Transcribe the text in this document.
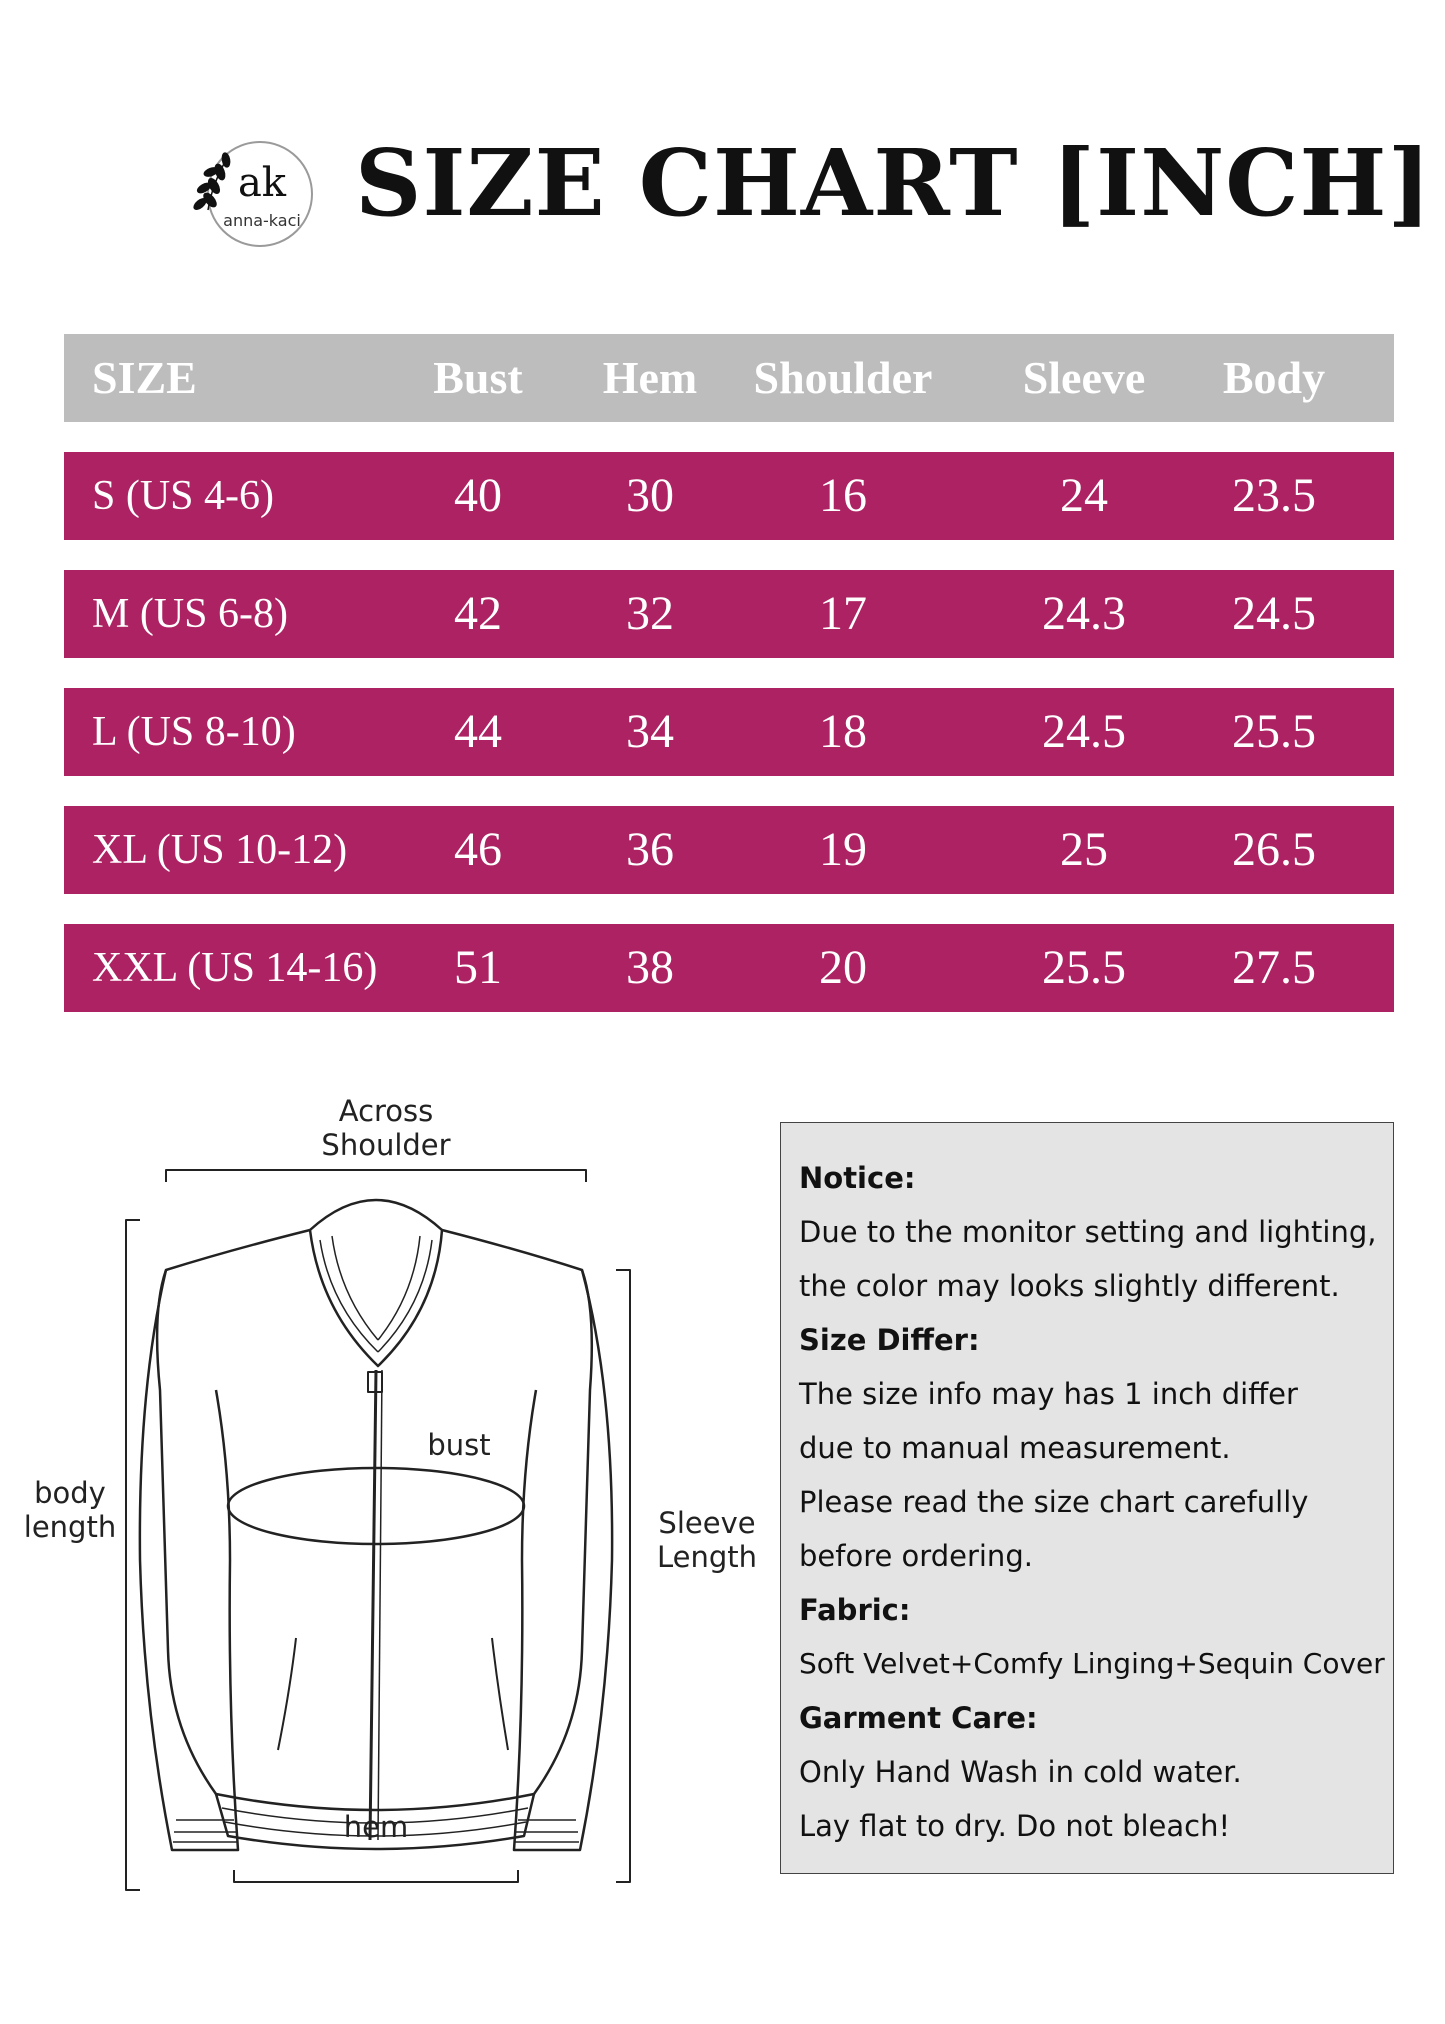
ak
anna-kaci SIZE CHART [INCH]
SIZE	Bust	Hem	Shoulder	Sleeve	Body
S (US 4-6)	40	30	16	24	23.5
M (US 6-8)	42	32	17	24.3	24.5
L (US 8-10)	44	34	18	24.5	25.5
XL (US 10-12)	46	36	19	25	26.5
XXL (US 14-16)	51	38	20	25.5	27.5
Across
Shoulder
bust
body
length	Sleeve
Length
hem
Notice:
Due to the monitor setting and lighting,
the color may looks slightly different.
Size Differ:
The size info may has 1 inch differ
due to manual measurement.
Please read the size chart carefully
before ordering.
Fabric:
Soft Velvet+Comfy Linging+Sequin Cover
Garment Care:
Only Hand Wash in cold water.
Lay flat to dry. Do not bleach!
